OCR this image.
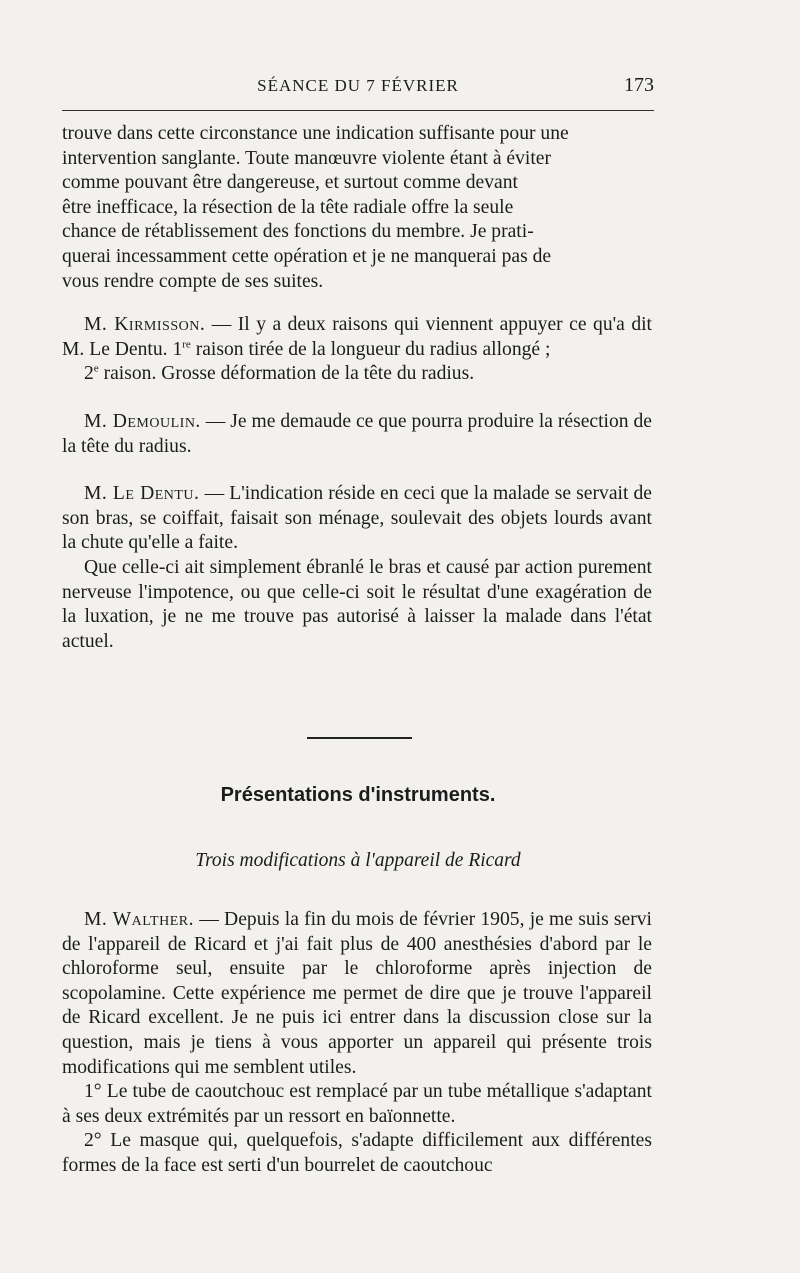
SÉANCE DU 7 FÉVRIER	173

trouve dans cette circonstance une indication suffisante pour une

intervention sanglante. Toute manœuvre violente étant à éviter

comme pouvant être dangereuse, et surtout comme devant

être inefficace, la résection de la tête radiale offre la seule

chance de rétablissement des fonctions du membre. Je prati-

querai incessamment cette opération et je ne manquerai pas de

vous rendre compte de ses suites.

M. Kirmisson. — Il y a deux raisons qui viennent appuyer ce qu'a dit M. Le Dentu. 1re raison tirée de la longueur du radius allongé ;

2e raison. Grosse déformation de la tête du radius.

M. Demoulin. — Je me demaude ce que pourra produire la résection de la tête du radius.

M. Le Dentu. — L'indication réside en ceci que la malade se servait de son bras, se coiffait, faisait son ménage, soulevait des objets lourds avant la chute qu'elle a faite.

Que celle-ci ait simplement ébranlé le bras et causé par action purement nerveuse l'impotence, ou que celle-ci soit le résultat d'une exagération de la luxation, je ne me trouve pas autorisé à laisser la malade dans l'état actuel.

Présentations d'instruments.
Trois modifications à l'appareil de Ricard

M. Walther. — Depuis la fin du mois de février 1905, je me suis servi de l'appareil de Ricard et j'ai fait plus de 400 anesthésies d'abord par le chloroforme seul, ensuite par le chloroforme après injection de scopolamine. Cette expérience me permet de dire que je trouve l'appareil de Ricard excellent. Je ne puis ici entrer dans la discussion close sur la question, mais je tiens à vous apporter un appareil qui présente trois modifications qui me semblent utiles.

1° Le tube de caoutchouc est remplacé par un tube métallique s'adaptant à ses deux extrémités par un ressort en baïonnette.

2° Le masque qui, quelquefois, s'adapte difficilement aux différentes formes de la face est serti d'un bourrelet de caoutchouc
